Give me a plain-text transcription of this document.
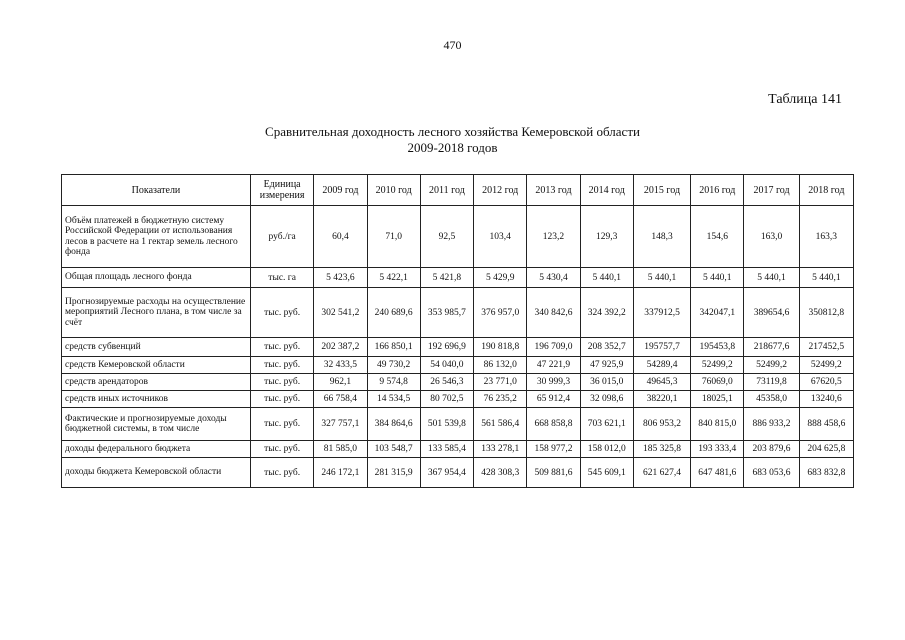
470
Таблица 141
Сравнительная доходность лесного хозяйства Кемеровской области
2009-2018 годов
Показатели	Единица измерения	2009 год	2010 год	2011 год	2012 год	2013 год	2014 год	2015 год	2016 год	2017 год	2018 год
Объём платежей в бюджетную систему Российской Федерации от использования лесов в расчете на 1 гектар земель лесного фонда	руб./га	60,4	71,0	92,5	103,4	123,2	129,3	148,3	154,6	163,0	163,3
Общая площадь лесного фонда	тыс. га	5 423,6	5 422,1	5 421,8	5 429,9	5 430,4	5 440,1	5 440,1	5 440,1	5 440,1	5 440,1
Прогнозируемые расходы на осуществление мероприятий Лесного плана, в том числе за счёт	тыс. руб.	302 541,2	240 689,6	353 985,7	376 957,0	340 842,6	324 392,2	337912,5	342047,1	389654,6	350812,8
средств субвенций	тыс. руб.	202 387,2	166 850,1	192 696,9	190 818,8	196 709,0	208 352,7	195757,7	195453,8	218677,6	217452,5
средств Кемеровской области	тыс. руб.	32 433,5	49 730,2	54 040,0	86 132,0	47 221,9	47 925,9	54289,4	52499,2	52499,2	52499,2
средств арендаторов	тыс. руб.	962,1	9 574,8	26 546,3	23 771,0	30 999,3	36 015,0	49645,3	76069,0	73119,8	67620,5
средств иных источников	тыс. руб.	66 758,4	14 534,5	80 702,5	76 235,2	65 912,4	32 098,6	38220,1	18025,1	45358,0	13240,6
Фактические и прогнозируемые доходы бюджетной системы, в том числе	тыс. руб.	327 757,1	384 864,6	501 539,8	561 586,4	668 858,8	703 621,1	806 953,2	840 815,0	886 933,2	888 458,6
доходы федерального бюджета	тыс. руб.	81 585,0	103 548,7	133 585,4	133 278,1	158 977,2	158 012,0	185 325,8	193 333,4	203 879,6	204 625,8
доходы бюджета Кемеровской области	тыс. руб.	246 172,1	281 315,9	367 954,4	428 308,3	509 881,6	545 609,1	621 627,4	647 481,6	683 053,6	683 832,8
